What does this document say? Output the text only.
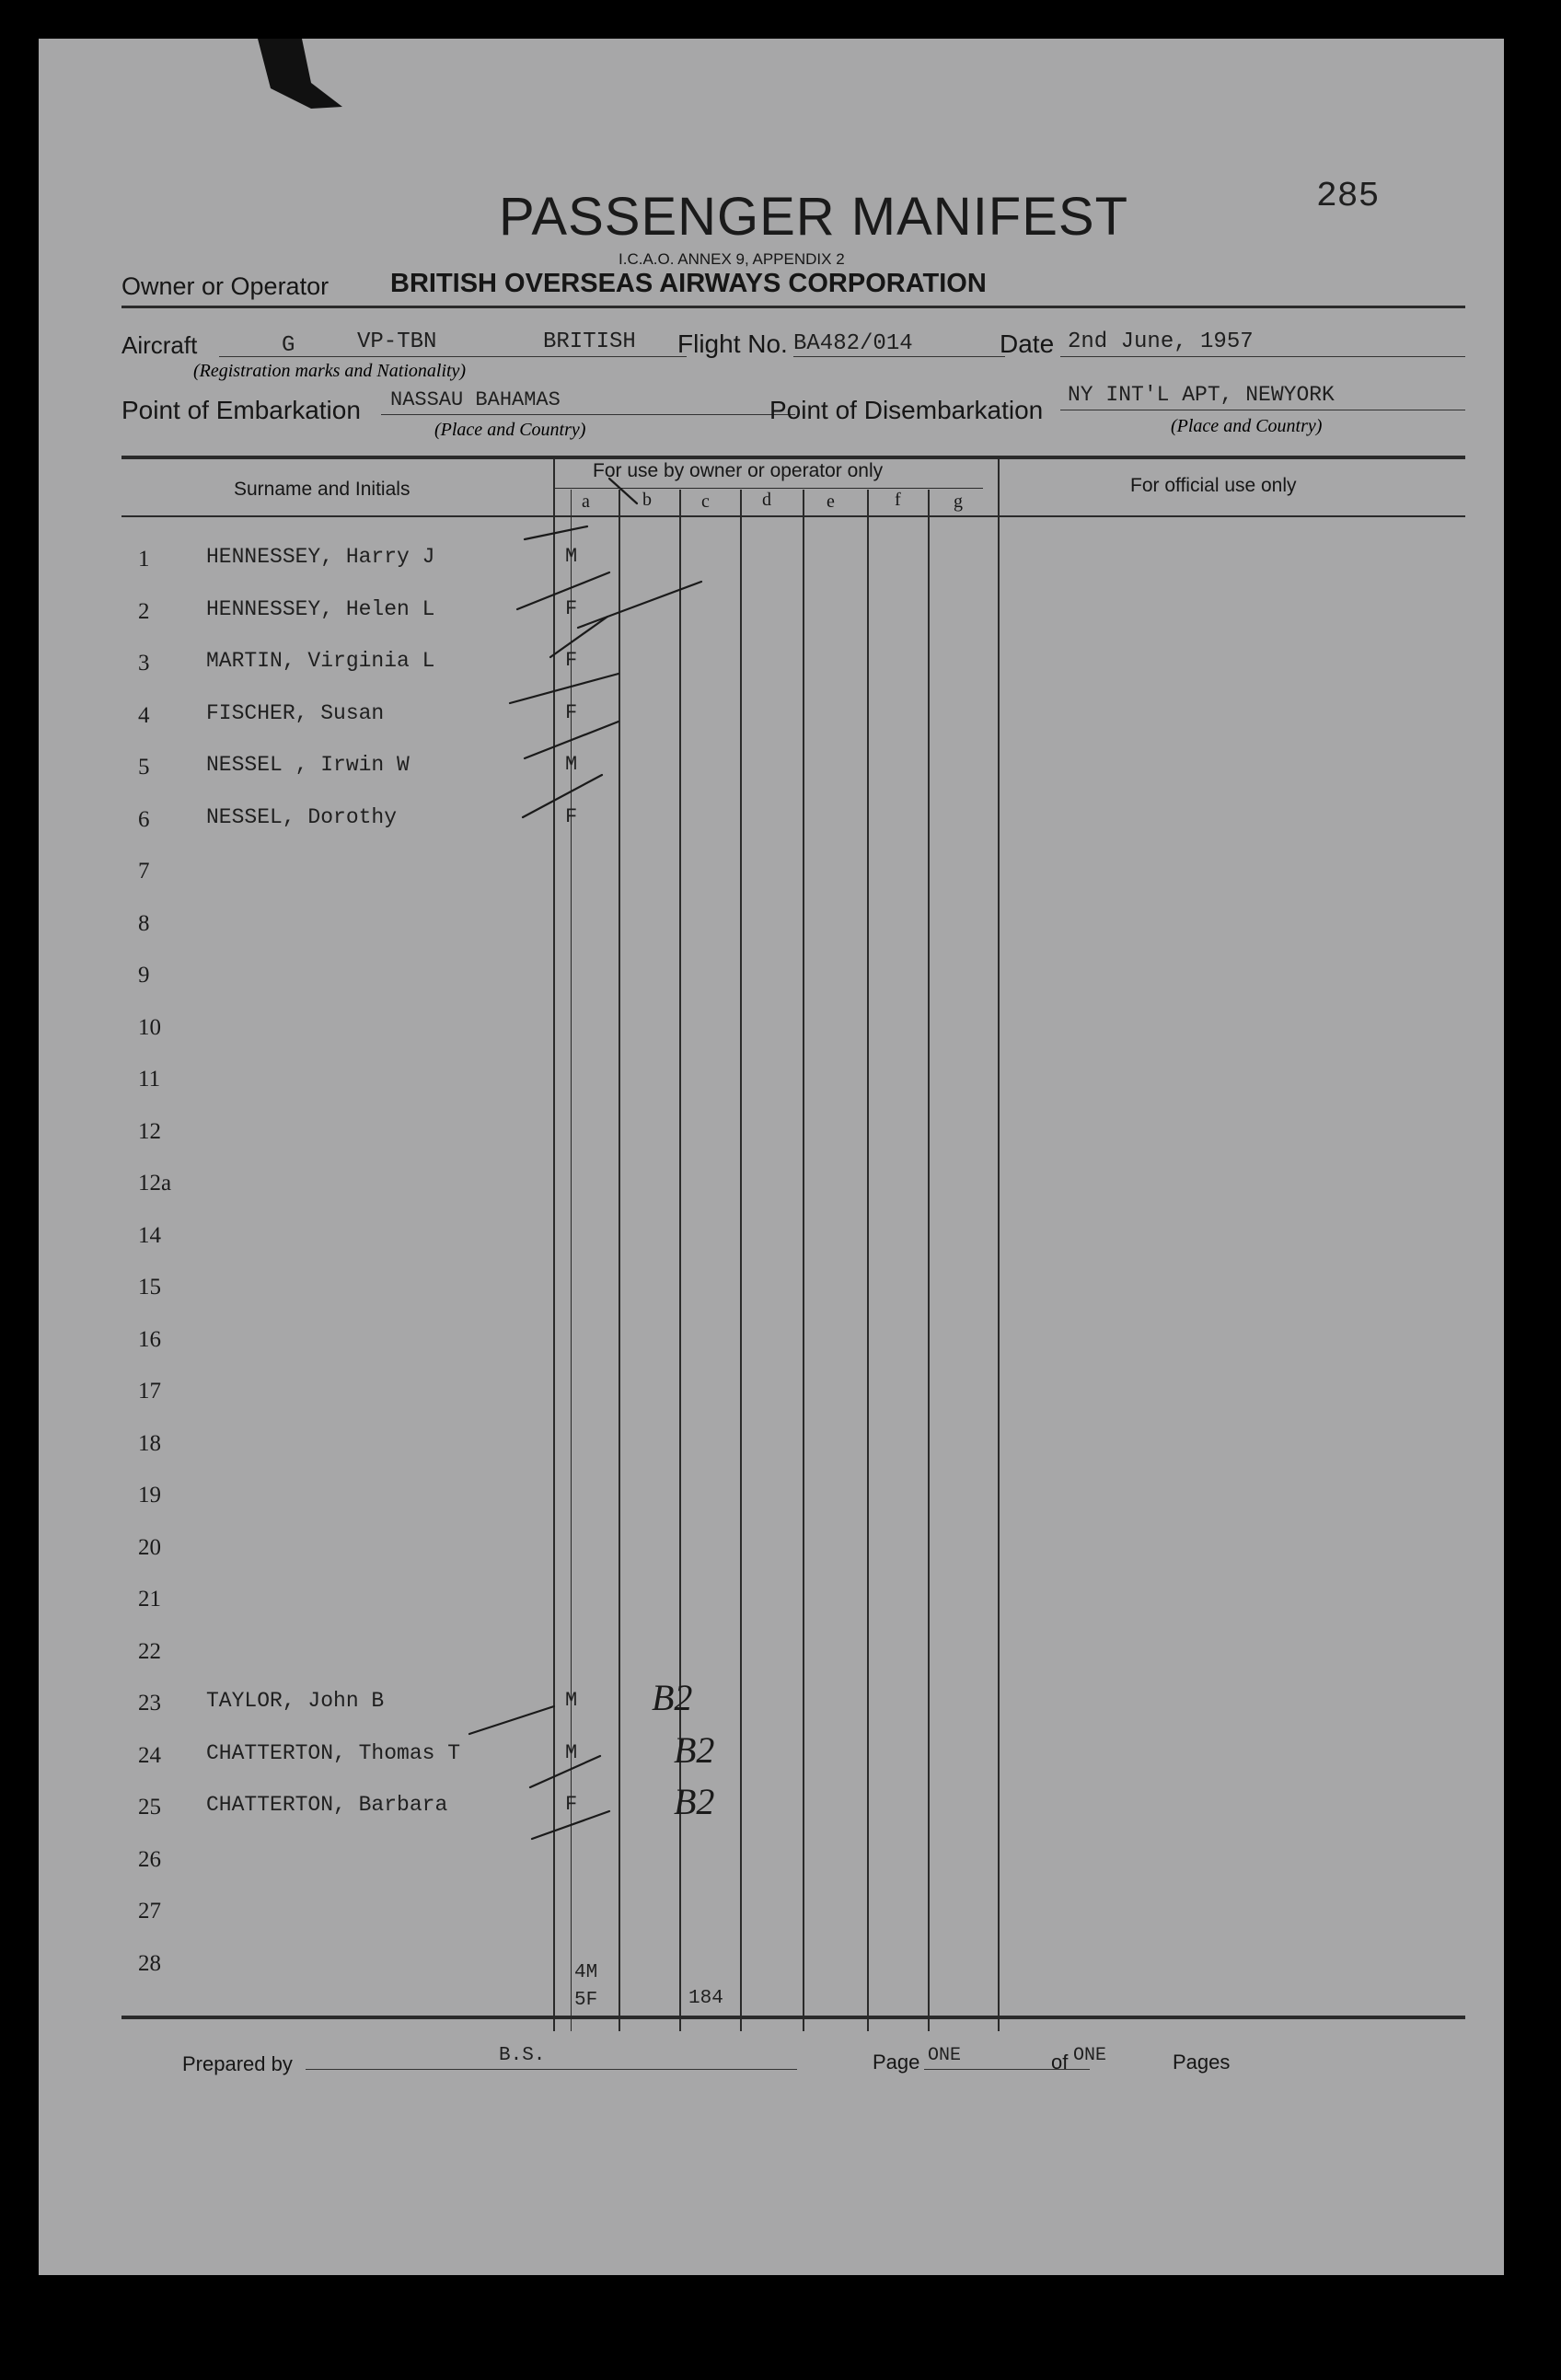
285
PASSENGER MANIFEST
I.C.A.O. ANNEX 9, APPENDIX 2
Owner or Operator BRITISH OVERSEAS AIRWAYS CORPORATION
Aircraft	G	VP-TBN	BRITISH
(Registration marks and Nationality)
Flight No. BA482/014	Date 2nd June, 1957
Point of Embarkation NASSAU BAHAMAS
(Place and Country)
Point of Disembarkation
NY INT'L APT, NEWYORK
(Place and Country)
Surname and Initials
For use by owner or operator only
For official use only
a	b	c	d	e	f	g
1	HENNESSEY, Harry J	M
2	HENNESSEY, Helen L	F
3	MARTIN, Virginia L	F
4	FISCHER, Susan	F
5	NESSEL , Irwin W	M
6	NESSEL, Dorothy	F
7
8
9
10
11
12
12a
14
15
16
17
18
19
20
21
22
23	TAYLOR, John B	M B2
24	CHATTERTON, Thomas T	M	B2
25	CHATTERTON, Barbara	F	B2
26
27
28	4M
5F	184
Prepared by	B.S.	Page ONE	of ONE	Pages
